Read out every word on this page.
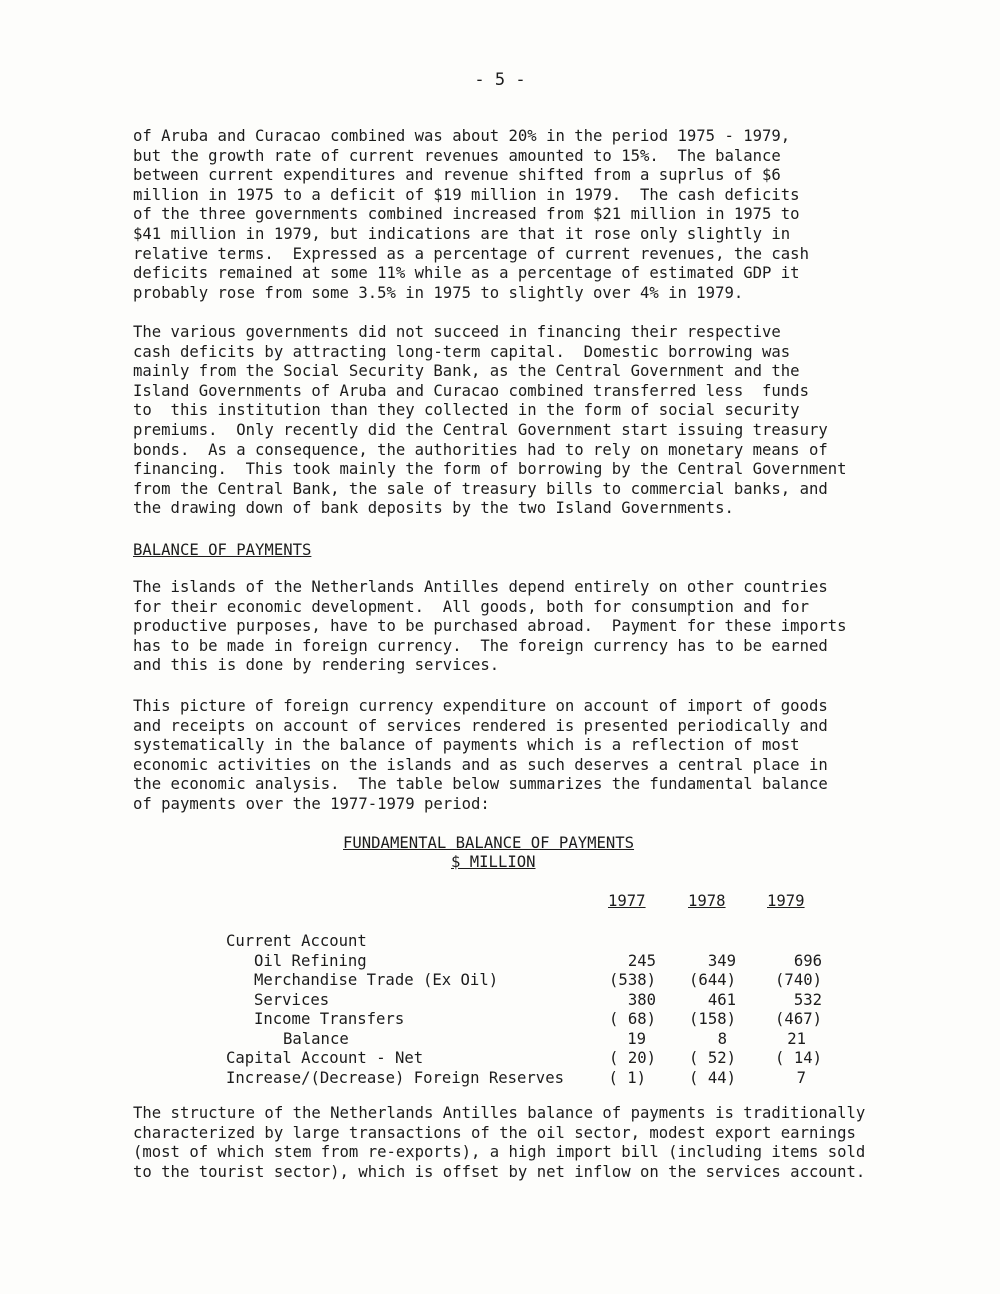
- 5 -

of Aruba and Curacao combined was about 20% in the period 1975 - 1979,
but the growth rate of current revenues amounted to 15%.  The balance
between current expenditures and revenue shifted from a suprlus of $6
million in 1975 to a deficit of $19 million in 1979.  The cash deficits
of the three governments combined increased from $21 million in 1975 to
$41 million in 1979, but indications are that it rose only slightly in
relative terms.  Expressed as a percentage of current revenues, the cash
deficits remained at some 11% while as a percentage of estimated GDP it
probably rose from some 3.5% in 1975 to slightly over 4% in 1979.

The various governments did not succeed in financing their respective
cash deficits by attracting long-term capital.  Domestic borrowing was
mainly from the Social Security Bank, as the Central Government and the
Island Governments of Aruba and Curacao combined transferred less  funds
to  this institution than they collected in the form of social security
premiums.  Only recently did the Central Government start issuing treasury
bonds.  As a consequence, the authorities had to rely on monetary means of
financing.  This took mainly the form of borrowing by the Central Government
from the Central Bank, the sale of treasury bills to commercial banks, and
the drawing down of bank deposits by the two Island Governments.

BALANCE OF PAYMENTS

The islands of the Netherlands Antilles depend entirely on other countries
for their economic development.  All goods, both for consumption and for
productive purposes, have to be purchased abroad.  Payment for these imports
has to be made in foreign currency.  The foreign currency has to be earned
and this is done by rendering services.

This picture of foreign currency expenditure on account of import of goods
and receipts on account of services rendered is presented periodically and
systematically in the balance of payments which is a reflection of most
economic activities on the islands and as such deserves a central place in
the economic analysis.  The table below summarizes the fundamental balance
of payments over the 1977-1979 period:

FUNDAMENTAL BALANCE OF PAYMENTS
$ MILLION
1977	1978	1979
Current Account
Oil Refining	245	349	696
Merchandise Trade (Ex Oil)	(538)	(644)	(740)
Services	380	461	532
Income Transfers	( 68)	(158)	(467)
Balance	19	8	21
Capital Account - Net	( 20)	( 52)	( 14)
Increase/(Decrease) Foreign Reserves	( 1)	( 44)	7

The structure of the Netherlands Antilles balance of payments is traditionally
characterized by large transactions of the oil sector, modest export earnings
(most of which stem from re-exports), a high import bill (including items sold
to the tourist sector), which is offset by net inflow on the services account.
